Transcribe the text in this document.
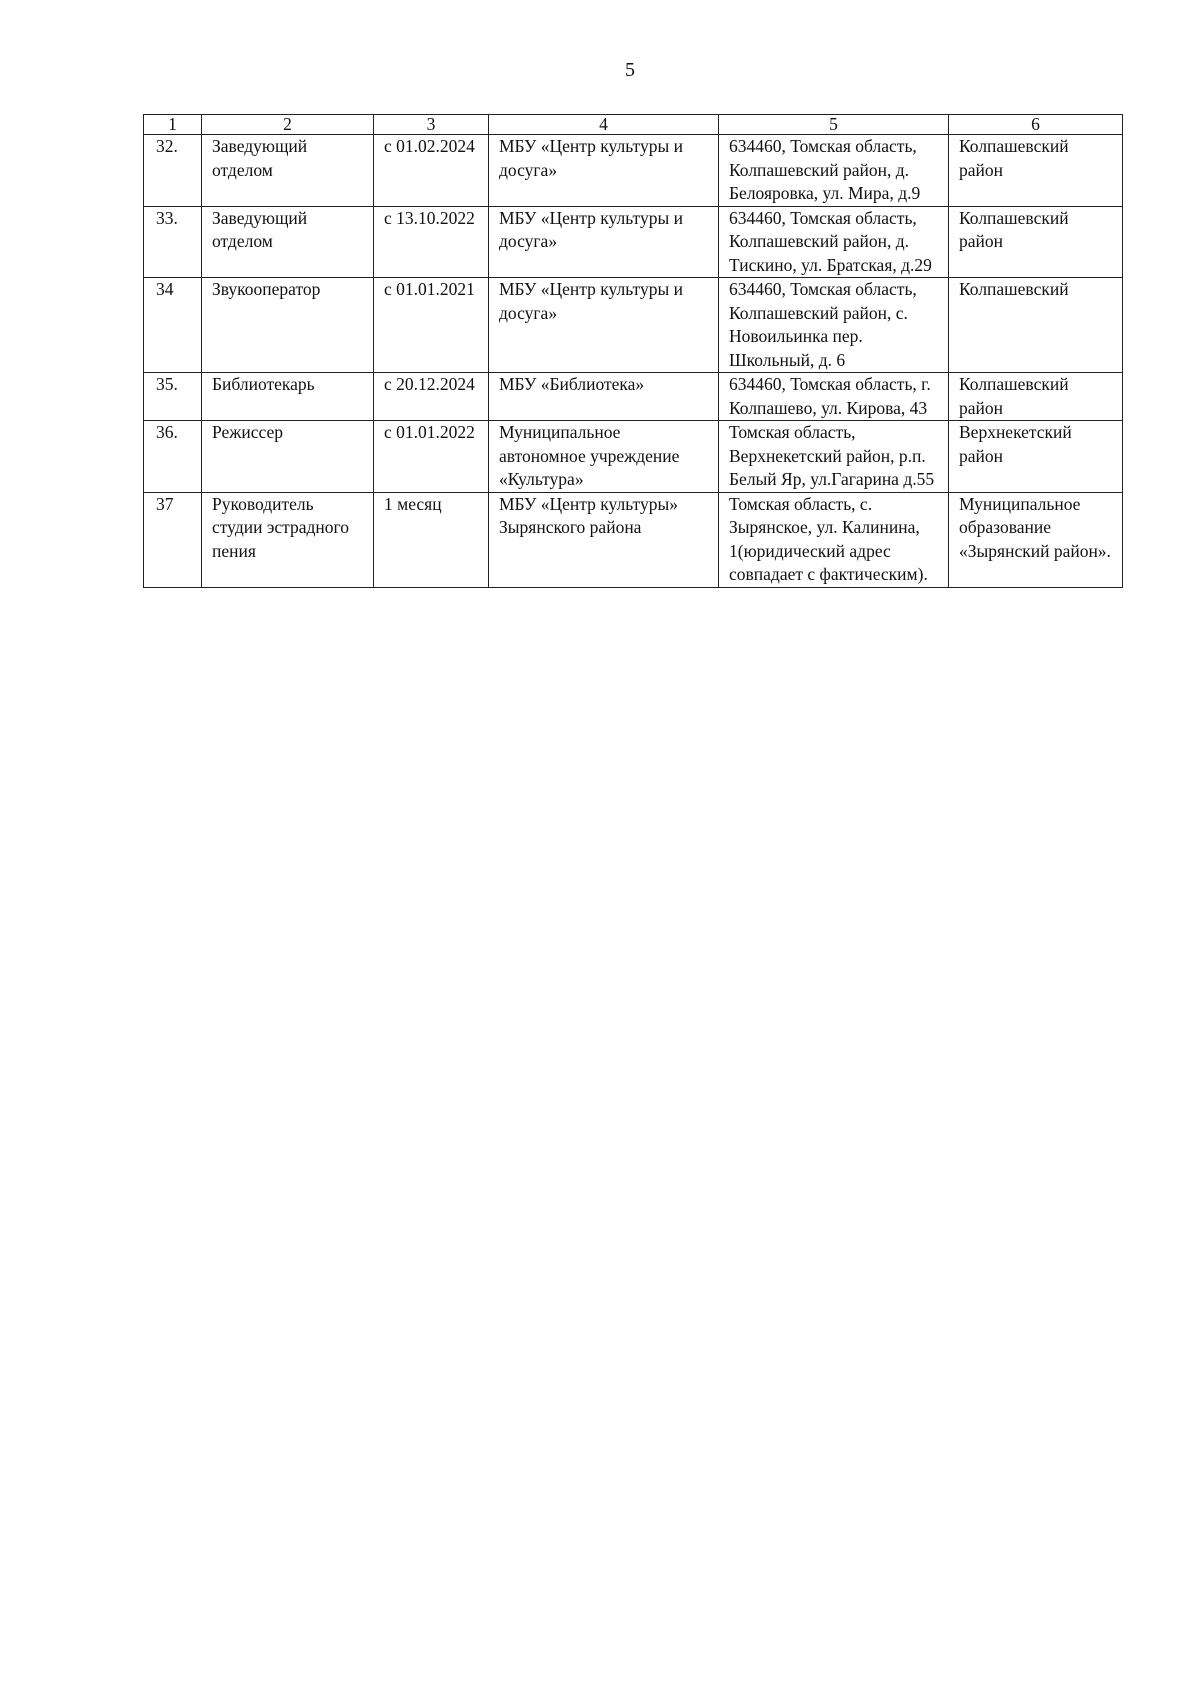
5
1	2	3	4	5	6
32.	Заведующий отделом	с 01.02.2024	МБУ «Центр культуры и досуга»	634460, Томская область, Колпашевский район, д. Белояровка, ул. Мира, д.9	Колпашевский район
33.	Заведующий отделом	с 13.10.2022	МБУ «Центр культуры и досуга»	634460, Томская область, Колпашевский район, д. Тискино, ул. Братская, д.29	Колпашевский район
34	Звукооператор	с 01.01.2021	МБУ «Центр культуры и досуга»	634460, Томская область, Колпашевский район, с. Новоильинка пер. Школьный, д. 6	Колпашевский
35.	Библиотекарь	с 20.12.2024	МБУ «Библиотека»	634460, Томская область, г. Колпашево, ул. Кирова, 43	Колпашевский район
36.	Режиссер	с 01.01.2022	Муниципальное автономное учреждение «Культура»	Томская область, Верхнекетский район, р.п. Белый Яр, ул.Гагарина д.55	Верхнекетский район
37	Руководитель студии эстрадного пения	1 месяц	МБУ «Центр культуры» Зырянского района	Томская область, с. Зырянское, ул. Калинина, 1(юридический адрес совпадает с фактическим).	Муниципальное образование «Зырянский район».
